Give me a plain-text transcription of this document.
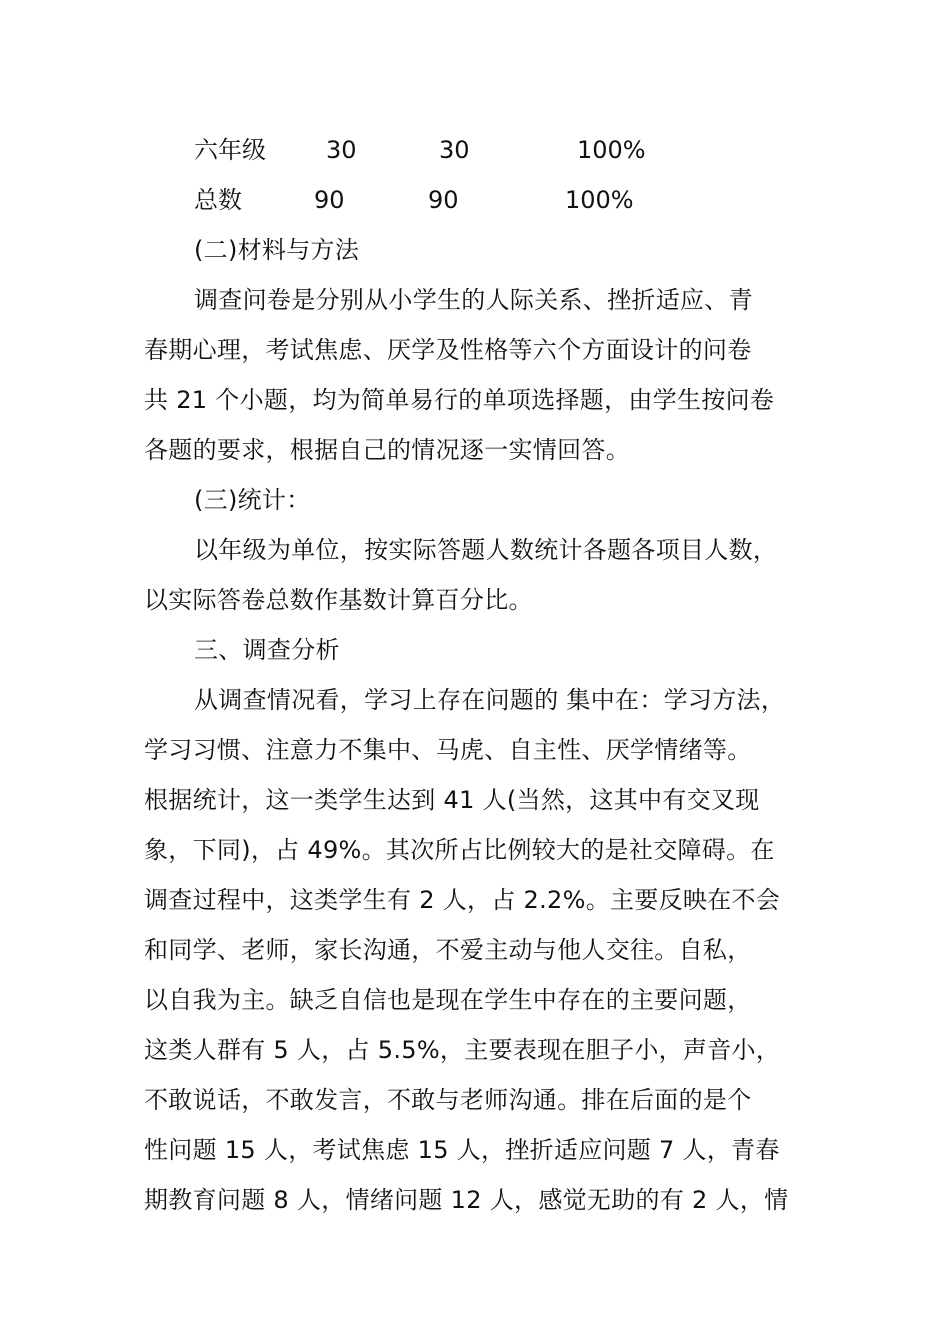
六年级	30	30	100%
总数	90	90	100%
(二)材料与方法
调查问卷是分别从小学生的人际关系、挫折适应、青
春期心理，考试焦虑、厌学及性格等六个方面设计的问卷
共 21 个小题，均为简单易行的单项选择题，由学生按问卷
各题的要求，根据自己的情况逐一实情回答。
(三)统计：
以年级为单位，按实际答题人数统计各题各项目人数，
以实际答卷总数作基数计算百分比。
三、调查分析
从调查情况看，学习上存在问题的 集中在：学习方法，
学习习惯、注意力不集中、马虎、自主性、厌学情绪等。
根据统计，这一类学生达到 41 人(当然，这其中有交叉现
象，下同)，占 49%。其次所占比例较大的是社交障碍。在
调查过程中，这类学生有 2 人，占 2.2%。主要反映在不会
和同学、老师，家长沟通，不爱主动与他人交往。自私，
以自我为主。缺乏自信也是现在学生中存在的主要问题，
这类人群有 5 人，占 5.5%，主要表现在胆子小，声音小，
不敢说话，不敢发言，不敢与老师沟通。排在后面的是个
性问题 15 人，考试焦虑 15 人，挫折适应问题 7 人，青春
期教育问题 8 人，情绪问题 12 人，感觉无助的有 2 人，情
